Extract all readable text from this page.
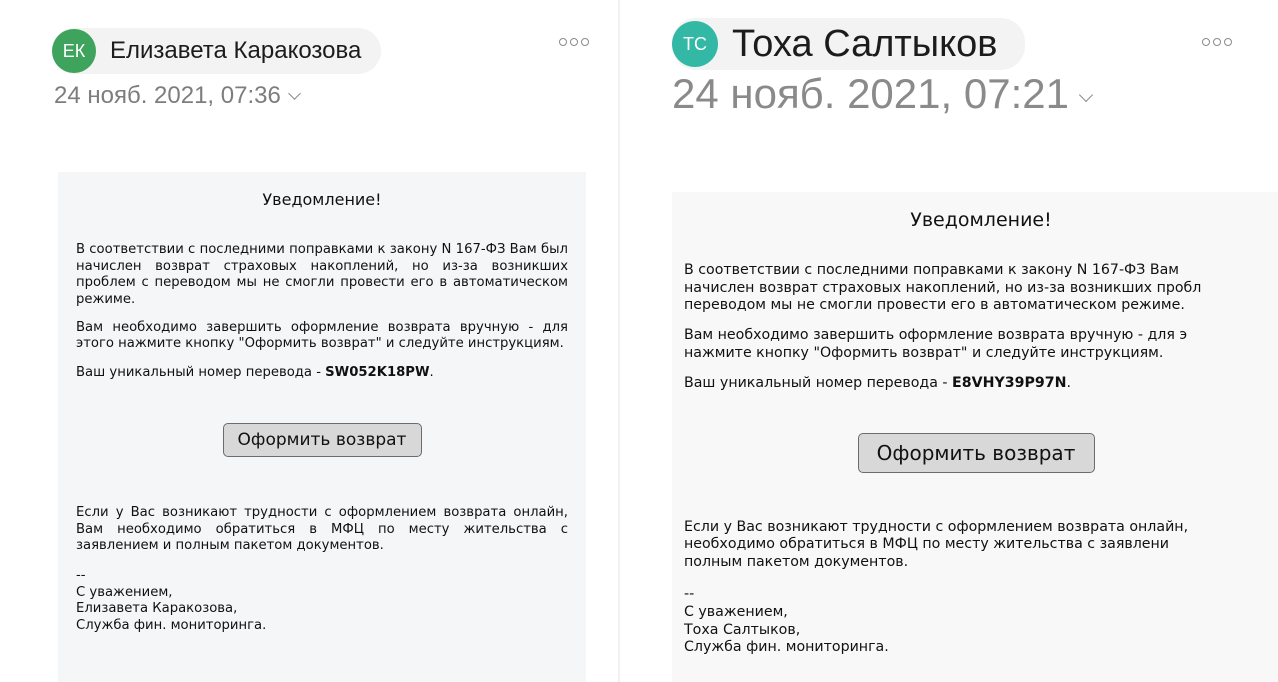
ЕК	Елизавета Каракозова
24 нояб. 2021, 07:36
Уведомление!

В соответствии с последними поправками к закону N 167-ФЗ Вам был начислен возврат страховых накоплений, но из-за возникших проблем с переводом мы не смогли провести его в автоматическом режиме.

Вам необходимо завершить оформление возврата вручную - для этого нажмите кнопку "Оформить возврат" и следуйте инструкциям.

Ваш уникальный номер перевода - SW052K18PW.

Оформить возврат

Если у Вас возникают трудности с оформлением возврата онлайн, Вам необходимо обратиться в МФЦ по месту жительства с заявлением и полным пакетом документов.

--
С уважением,
Елизавета Каракозова,
Служба фин. мониторинга.
ТС Тоха Салтыков
24 нояб. 2021, 07:21
Уведомление!

В соответствии с последними поправками к закону N 167-ФЗ Вам
начислен возврат страховых накоплений, но из-за возникших пробл
переводом мы не смогли провести его в автоматическом режиме.

Вам необходимо завершить оформление возврата вручную - для э
нажмите кнопку "Оформить возврат" и следуйте инструкциям.

Ваш уникальный номер перевода - E8VHY39P97N.

Оформить возврат

Если у Вас возникают трудности с оформлением возврата онлайн,
необходимо обратиться в МФЦ по месту жительства с заявлени
полным пакетом документов.

--
С уважением,
Тоха Салтыков,
Служба фин. мониторинга.
